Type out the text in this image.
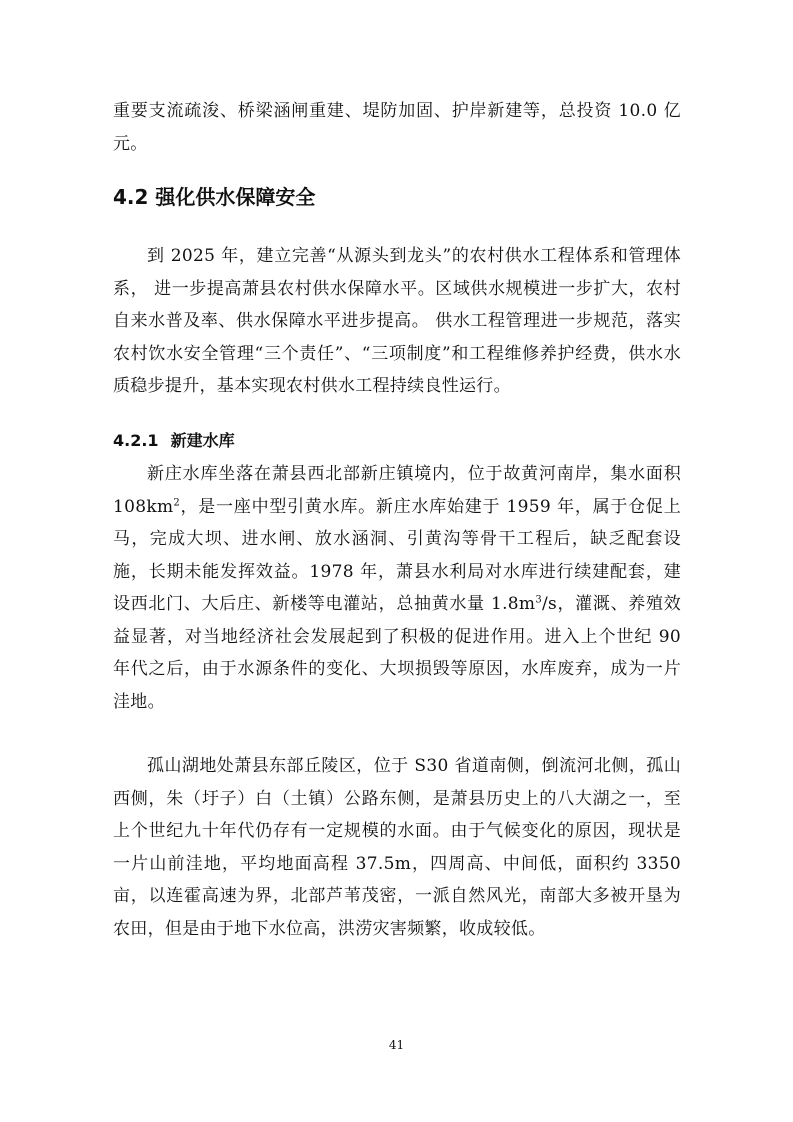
重要支流疏浚、桥梁涵闸重建、堤防加固、护岸新建等，总投资 10.0 亿元。

4.2 强化供水保障安全

到 2025 年，建立完善“从源头到龙头”的农村供水工程体系和管理体系， 进一步提高萧县农村供水保障水平。区域供水规模进一步扩大，农村自来水普及率、供水保障水平进步提高。 供水工程管理进一步规范，落实农村饮水安全管理“三个责任”、“三项制度”和工程维修养护经费，供水水质稳步提升，基本实现农村供水工程持续良性运行。

4.2.1 新建水库

新庄水库坐落在萧县西北部新庄镇境内，位于故黄河南岸，集水面积 $108km^2$，是一座中型引黄水库。新庄水库始建于 1959 年，属于仓促上马，完成大坝、进水闸、放水涵洞、引黄沟等骨干工程后，缺乏配套设施，长期未能发挥效益。1978 年，萧县水利局对水库进行续建配套，建设西北门、大后庄、新楼等电灌站，总抽黄水量 $1.8m^3/s$，灌溉、养殖效益显著，对当地经济社会发展起到了积极的促进作用。进入上个世纪 90 年代之后，由于水源条件的变化、大坝损毁等原因，水库废弃，成为一片洼地。

孤山湖地处萧县东部丘陵区，位于 S30 省道南侧，倒流河北侧，孤山西侧，朱（圩子）白（土镇）公路东侧，是萧县历史上的八大湖之一，至上个世纪九十年代仍存有一定规模的水面。由于气候变化的原因，现状是一片山前洼地，平均地面高程 37.5m，四周高、中间低，面积约 3350 亩，以连霍高速为界，北部芦苇茂密，一派自然风光，南部大多被开垦为农田，但是由于地下水位高，洪涝灾害频繁，收成较低。

41
